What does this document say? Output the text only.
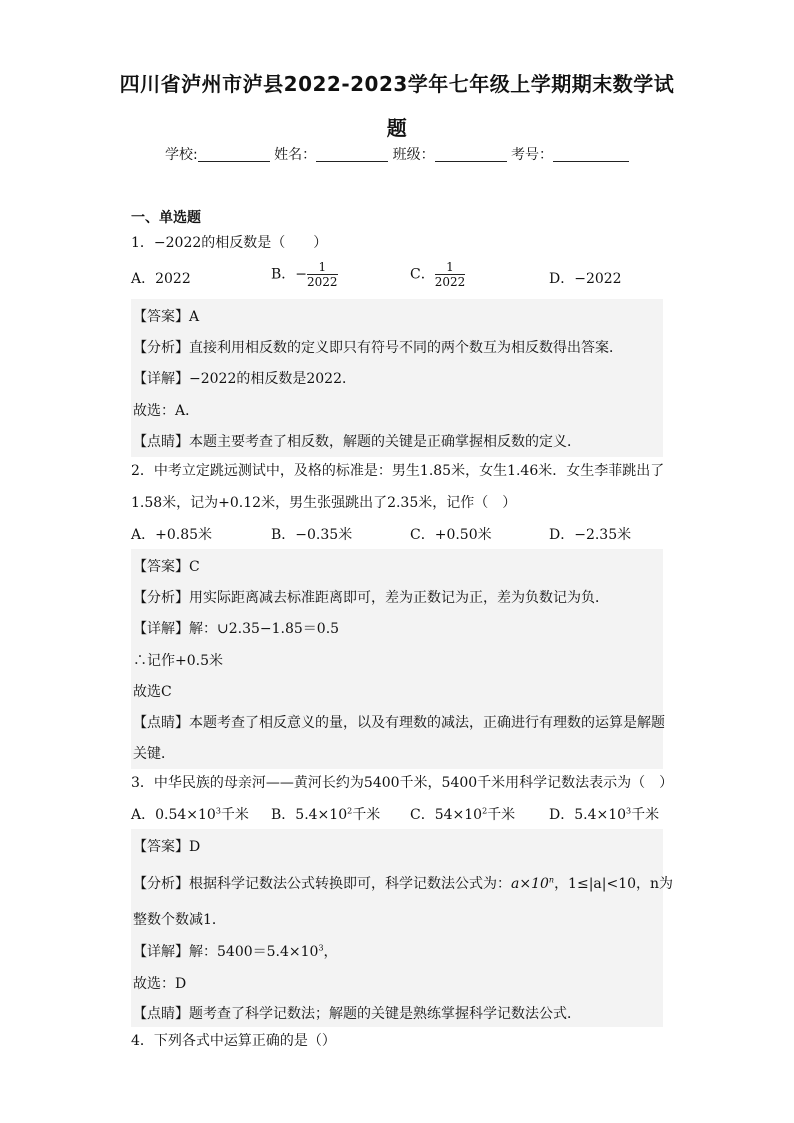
四川省泸州市泸县2022-2023学年七年级上学期期末数学试
题
学校:	姓名：	班级：	考号：
一、单选题
1．−2022的相反数是（　　）
A．2022	B．− $\frac{1}{2022}$	C． $\frac{1}{2022}$	D．−2022
【答案】A
【分析】直接利用相反数的定义即只有符号不同的两个数互为相反数得出答案．
【详解】−2022的相反数是2022．
故选：A．
【点睛】本题主要考查了相反数，解题的关键是正确掌握相反数的定义．
2．中考立定跳远测试中，及格的标准是：男生1.85米，女生1.46米．女生李菲跳出了
1.58米，记为+0.12米，男生张强跳出了2.35米，记作（　）
A．+0.85米	B．−0.35米	C．+0.50米	D．−2.35米
【答案】C
【分析】用实际距离减去标准距离即可，差为正数记为正，差为负数记为负．
【详解】解：∪2.35−1.85＝0.5
∴记作+0.5米
故选C
【点睛】本题考查了相反意义的量，以及有理数的减法，正确进行有理数的运算是解题
关键．
3．中华民族的母亲河——黄河长约为5400千米，5400千米用科学记数法表示为（　）
A．$0.54\times 10^3$千米 B．$5.4\times 10^2$千米 C．$54\times 10^2$千米 D．$5.4\times 10^3$千米
【答案】D
【分析】根据科学记数法公式转换即可，科学记数法公式为：$a\times 10^n$，1≤|a|<10，n为
整数个数减1．
【详解】解：$5400=5.4\times 10^3$，
故选：D
【点睛】题考查了科学记数法；解题的关键是熟练掌握科学记数法公式．
4．下列各式中运算正确的是（）
